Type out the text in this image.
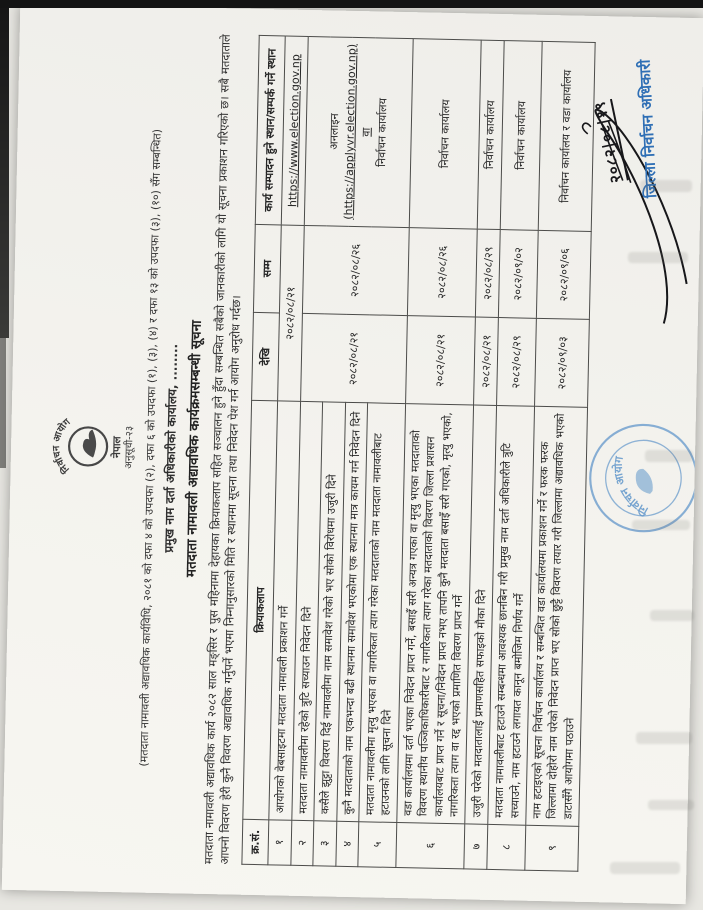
निर्वाचन आयोग
नेपाल अनुसूची-२३ (मतदाता नामावली अद्यावधिक कार्यविधि, २०८१ को दफा ४ को उपदफा (२), दफा ६ को उपदफा (१), (३), (४) र दफा १३ को उपदफा (३), (१०) सँग सम्बन्धित)
प्रमुख नाम दर्ता अधिकारीको कार्यालय, ........ मतदाता नामावली अद्यावधिक कार्यक्रमसम्बन्धी सूचना
मतदाता नामावली अद्यावधिक कार्य २०८२ साल मङ्सिर र पुस महिनामा देहायका क्रियाकलाप सहित सञ्चालन हुने हुँदा सम्बन्धित सबैको जानकारीको लागि यो सूचना प्रकाशन गरिएको छ। सबै मतदाताले आफ्नो विवरण हेरी कुनै विवरण अद्यावधिक गर्नुपर्ने भएमा निम्नानुसारको मिति र स्थानमा सूचना तथा निवेदन पेश गर्न आयोग अनुरोध गर्दछ। क्र.सं.	क्रियाकलाप	देखि	सम्म	कार्य सम्पादन हुने स्थान/सम्पर्क गर्ने स्थान
१	आयोगको वेबसाइटमा मतदाता नामावली प्रकाशन गर्ने	२०८२/०८/२१		https://www.election.gov.np
२	मतदाता नामावलीमा रहेको त्रुटि सच्याउन निवेदन दिने	२०८२/०८/२१	२०८२/०८/२६	अनलाइन
(https://applyvr.election.gov.np) वा निर्वाचन कार्यालय
३	कसैले झुट्टा विवरण दिई नामावलीमा नाम समावेश गरेको भए सोको विरोधमा उजुरी दिने			
४	कुनै मतदाताको नाम एकभन्दा बढी स्थानमा समावेश भएकोमा एक स्थानमा मात्र कायम गर्न निवेदन दिने			
५	मतदाता नामावलीमा मृत्यु भएका वा नागरिकता त्याग गरेका मतदाताको नाम मतदाता नामावलीबाट हटाउनको लागि सूचना दिने			
६	वडा कार्यालयमा दर्ता भएका निवेदन प्राप्त गर्ने, बसाइँ सरी अन्यत्र गएका वा मृत्यु भएका मतदाताको विवरण स्थानीय पञ्जिकाधिकारीबाट र नागरिकता त्याग गरेका मतदाताको विवरण जिल्ला प्रशासन कार्यालयबाट प्राप्त गर्ने र सूचना/निवेदन प्राप्त नभए तापनि कुनै मतदाता बसाइँ सरी गएको, मृत्यु भएको, नागरिकता त्याग वा रद्द भएको प्रमाणित विवरण प्राप्त गर्ने	२०८२/०८/२१	२०८२/०८/२६	निर्वाचन कार्यालय
७	उजुरी परेको मतदातालाई प्रमाणसहित सफाइको मौका दिने	२०८२/०८/२१	२०८२/०८/२९	निर्वाचन कार्यालय
८	मतदाता नामावलीबाट हटाउने सम्बन्धमा आवश्यक छानबिन गरी प्रमुख नाम दर्ता अधिकारीले त्रुटि सच्याउने, नाम हटाउने लगायत कानून बमोजिम निर्णय गर्ने	२०८२/०८/२९	२०८२/०९/०२	निर्वाचन कार्यालय
९	नाम हटाइएको सूचना निर्वाचन कार्यालय र सम्बन्धित वडा कार्यालयमा प्रकाशन गर्ने र फरक फरक जिल्लामा दोहोरो नाम परेको निवेदन प्राप्त भए सोको छुट्टै विवरण तयार गरी जिल्लामा अद्यावधिक भएको डाटासँगै आयोगमा पठाउने	२०८२/०९/०३	२०८२/०९/०६	निर्वाचन कार्यालय र वडा कार्यालय
निर्वाचन आयोग
२०८२|०८|१९ जिल्ला निर्वाचन अधिकारी
